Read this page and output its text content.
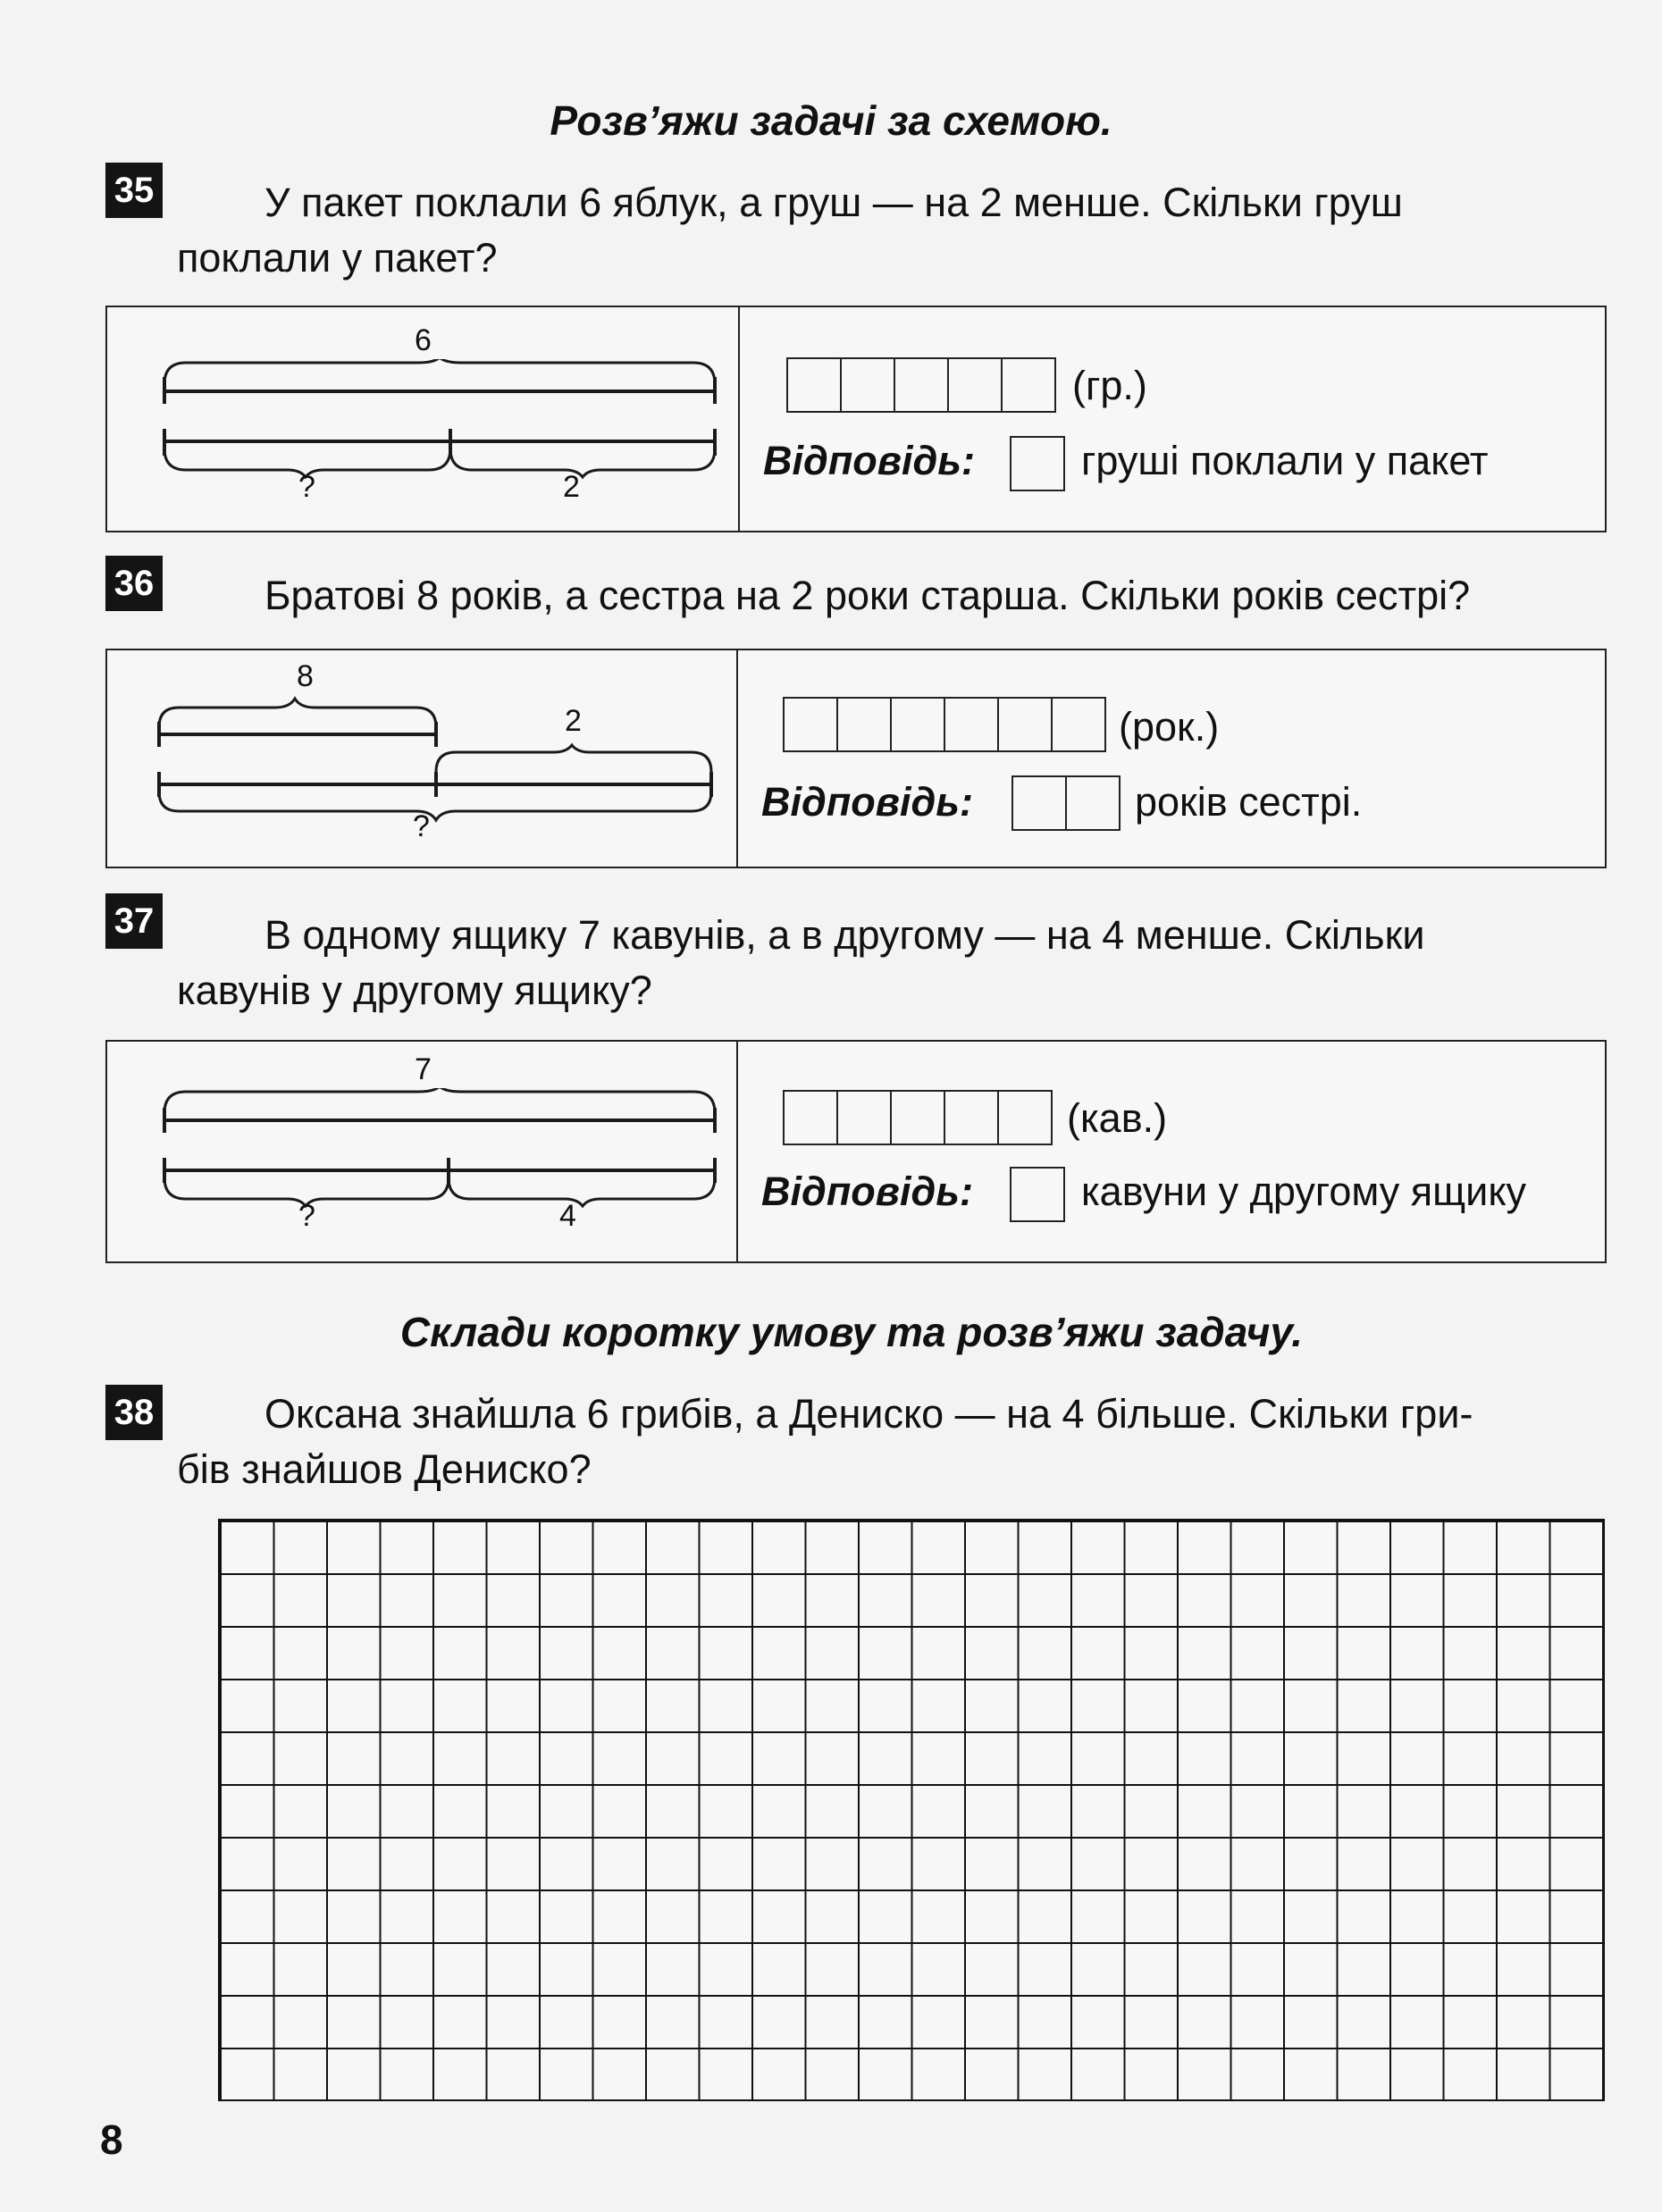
Розв’яжи задачі за схемою.
35	У пакет поклали 6 яблук, а груш — на 2 менше. Скільки груш
поклали у пакет?
6
?	2
(гр.)
Відповідь:	груші поклали у пакет
36	Братові 8 років, а сестра на 2 роки старша. Скільки років сестрі?
8
2
?
(рок.)
Відповідь:	років сестрі.
37	В одному ящику 7 кавунів, а в другому — на 4 менше. Скільки
кавунів у другому ящику?
7
?	4
(кав.)
Відповідь:	кавуни у другому ящику
Склади коротку умову та розв’яжи задачу.
38	Оксана знайшла 6 грибів, а Дениско — на 4 більше. Скільки гри-
бів знайшов Дениско?
8
